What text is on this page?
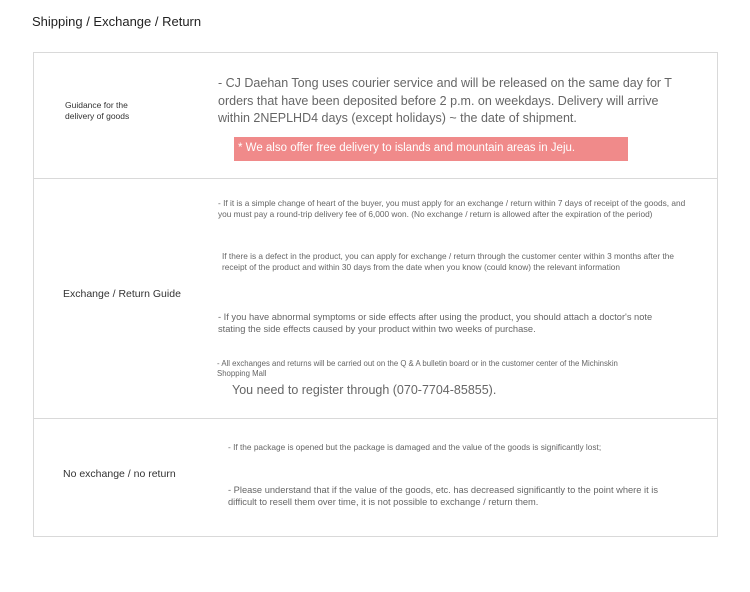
Shipping / Exchange / Return
Guidance for the delivery of goods
- CJ Daehan Tong uses courier service and will be released on the same day for T orders that have been deposited before 2 p.m. on weekdays. Delivery will arrive within 2NEPLHD4 days (except holidays) ~ the date of shipment.
* We also offer free delivery to islands and mountain areas in Jeju.
Exchange / Return Guide
- If it is a simple change of heart of the buyer, you must apply for an exchange / return within 7 days of receipt of the goods, and you must pay a round-trip delivery fee of 6,000 won. (No exchange / return is allowed after the expiration of the period)
If there is a defect in the product, you can apply for exchange / return through the customer center within 3 months after the receipt of the product and within 30 days from the date when you know (could know) the relevant information
- If you have abnormal symptoms or side effects after using the product, you should attach a doctor's note stating the side effects caused by your product within two weeks of purchase.
- All exchanges and returns will be carried out on the Q & A bulletin board or in the customer center of the Michinskin Shopping Mall
You need to register through (070-7704-85855).
No exchange / no return
- If the package is opened but the package is damaged and the value of the goods is significantly lost;
- Please understand that if the value of the goods, etc. has decreased significantly to the point where it is difficult to resell them over time, it is not possible to exchange / return them.
